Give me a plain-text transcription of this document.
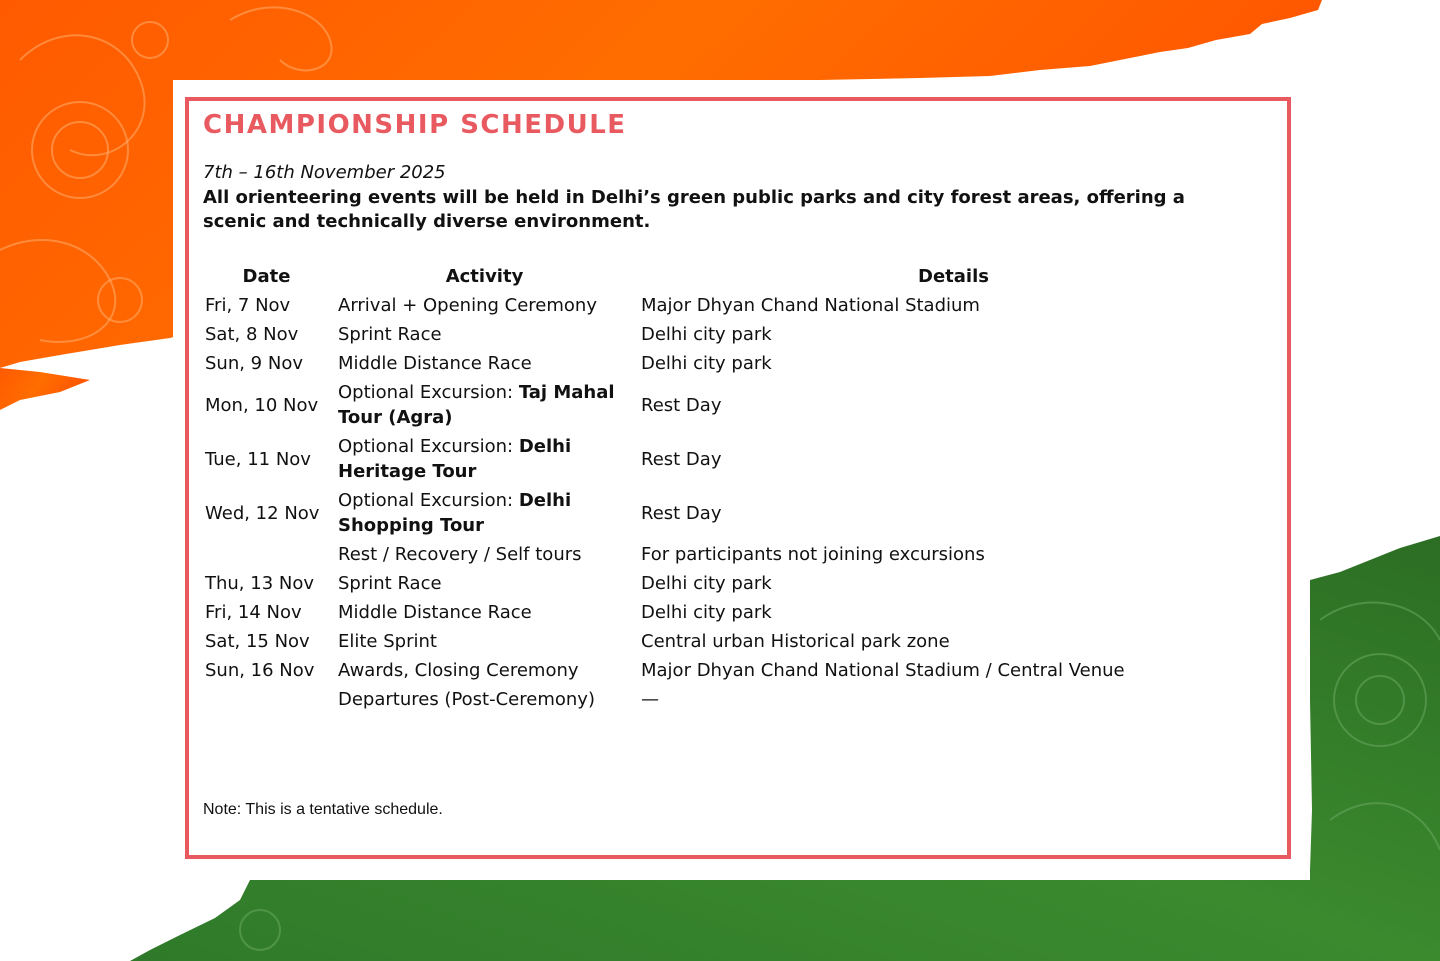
CHAMPIONSHIP SCHEDULE
7th – 16th November 2025
All orienteering events will be held in Delhi’s green public parks and city forest areas, offering a scenic and technically diverse environment.
Date	Activity	Details
Fri, 7 Nov	Arrival + Opening Ceremony	Major Dhyan Chand National Stadium
Sat, 8 Nov	Sprint Race	Delhi city park
Sun, 9 Nov	Middle Distance Race	Delhi city park
Mon, 10 Nov	Optional Excursion: Taj Mahal Tour (Agra)	Rest Day
Tue, 11 Nov	Optional Excursion: Delhi Heritage Tour	Rest Day
Wed, 12 Nov	Optional Excursion: Delhi Shopping Tour	Rest Day
	Rest / Recovery / Self tours	For participants not joining excursions
Thu, 13 Nov	Sprint Race	Delhi city park
Fri, 14 Nov	Middle Distance Race	Delhi city park
Sat, 15 Nov	Elite Sprint	Central urban Historical park zone
Sun, 16 Nov	Awards, Closing Ceremony	Major Dhyan Chand National Stadium / Central Venue
	Departures (Post-Ceremony)	—
Note: This is a tentative schedule.
